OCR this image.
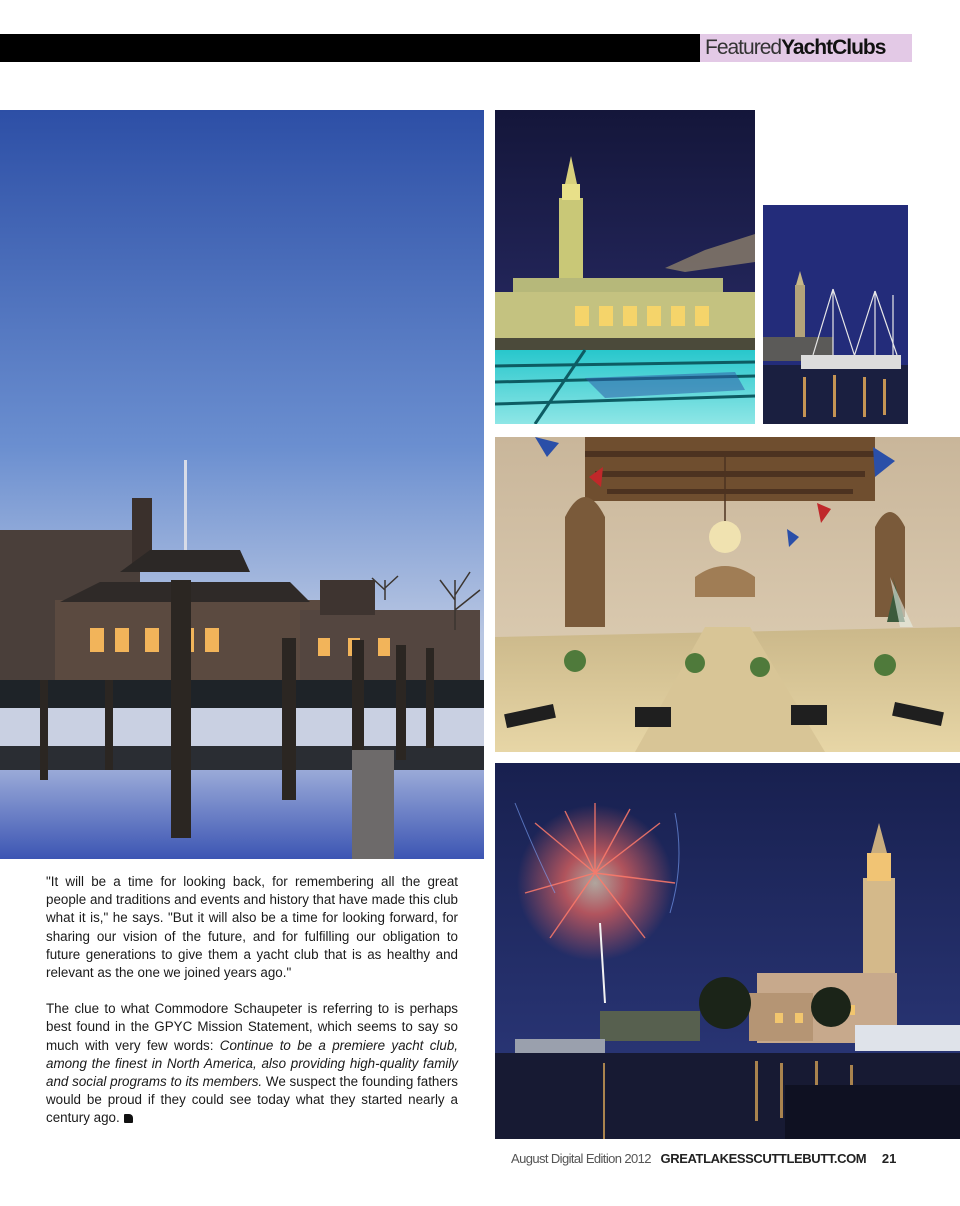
FeaturedYachtClubs

"It will be a time for looking back, for remembering all the great people and traditions and events and history that have made this club what it is," he says. "But it will also be a time for looking forward, for sharing our vision of the future, and for fulfilling our obligation to future generations to give them a yacht club that is as healthy and relevant as the one we joined years ago."

The clue to what Commodore Schaupeter is referring to is perhaps best found in the GPYC Mission Statement, which seems to say so much with very few words: Continue to be a premiere yacht club, among the finest in North America, also providing high-quality family and social programs to its members. We suspect the founding fathers would be proud if they could see today what they started nearly a century ago.

August Digital Edition 2012 GREATLAKESSCUTTLEBUTT.COM 21
